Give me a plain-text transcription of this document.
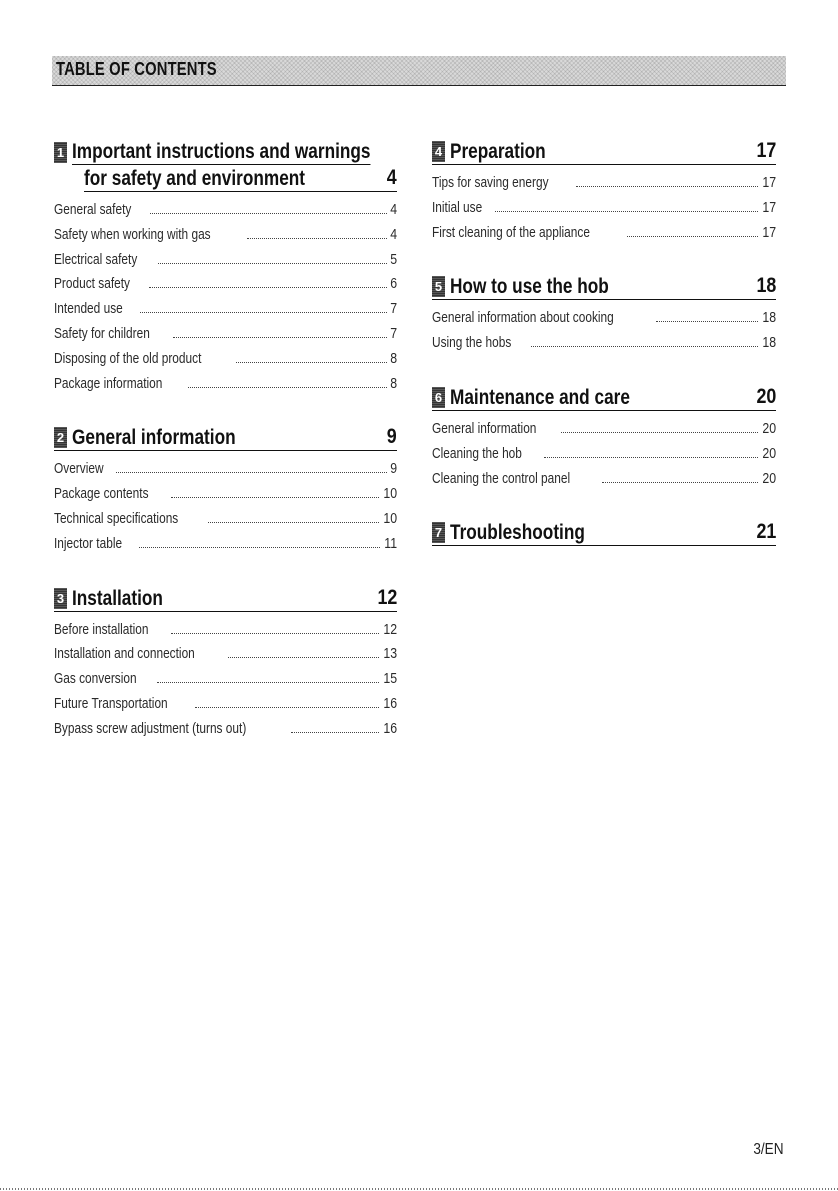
TABLE OF CONTENTS
1 Important instructions and warnings
for safety and environment	4
General safety	4
Safety when working with gas	4
Electrical safety	5
Product safety	6
Intended use	7
Safety for children	7
Disposing of the old product	8
Package information	8
2 General information	9
Overview	9
Package contents	10
Technical specifications	10
Injector table	11
3 Installation	12
Before installation	12
Installation and connection	13
Gas conversion	15
Future Transportation	16
Bypass screw adjustment (turns out)	16
4 Preparation	17
Tips for saving energy	17
Initial use	17
First cleaning of the appliance	17
5 How to use the hob	18
General information about cooking	18
Using the hobs	18
6 Maintenance and care	20
General information	20
Cleaning the hob	20
Cleaning the control panel	20
7 Troubleshooting	21
3/EN
